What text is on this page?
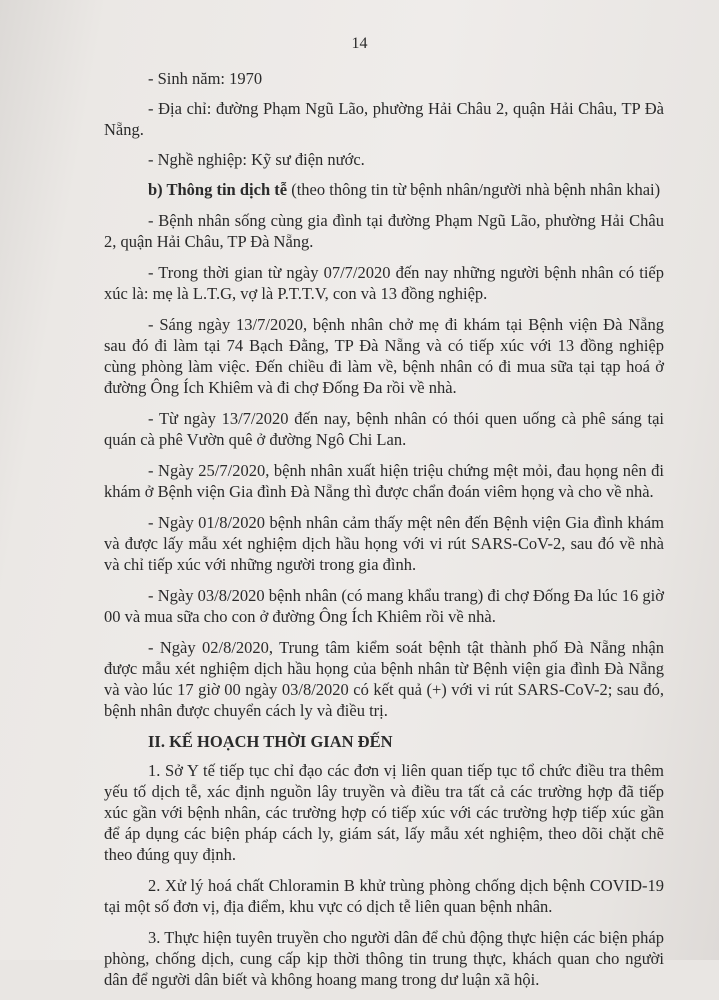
14

- Sinh năm: 1970

- Địa chỉ: đường Phạm Ngũ Lão, phường Hải Châu 2, quận Hải Châu, TP Đà Nẵng.

- Nghề nghiệp: Kỹ sư điện nước.

b) Thông tin dịch tễ (theo thông tin từ bệnh nhân/người nhà bệnh nhân khai)

- Bệnh nhân sống cùng gia đình tại đường Phạm Ngũ Lão, phường Hải Châu 2, quận Hải Châu, TP Đà Nẵng.

- Trong thời gian từ ngày 07/7/2020 đến nay những người bệnh nhân có tiếp xúc là: mẹ là L.T.G, vợ là P.T.T.V, con và 13 đồng nghiệp.

- Sáng ngày 13/7/2020, bệnh nhân chở mẹ đi khám tại Bệnh viện Đà Nẵng sau đó đi làm tại 74 Bạch Đằng, TP Đà Nẵng và có tiếp xúc với 13 đồng nghiệp cùng phòng làm việc. Đến chiều đi làm về, bệnh nhân có đi mua sữa tại tạp hoá ở đường Ông Ích Khiêm và đi chợ Đống Đa rồi về nhà.

- Từ ngày 13/7/2020 đến nay, bệnh nhân có thói quen uống cà phê sáng tại quán cà phê Vườn quê ở đường Ngô Chi Lan.

- Ngày 25/7/2020, bệnh nhân xuất hiện triệu chứng mệt mỏi, đau họng nên đi khám ở Bệnh viện Gia đình Đà Nẵng thì được chẩn đoán viêm họng và cho về nhà.

- Ngày 01/8/2020 bệnh nhân cảm thấy mệt nên đến Bệnh viện Gia đình khám và được lấy mẫu xét nghiệm dịch hầu họng với vi rút SARS-CoV-2, sau đó về nhà và chỉ tiếp xúc với những người trong gia đình.

- Ngày 03/8/2020 bệnh nhân (có mang khẩu trang) đi chợ Đống Đa lúc 16 giờ 00 và mua sữa cho con ở đường Ông Ích Khiêm rồi về nhà.

- Ngày 02/8/2020, Trung tâm kiểm soát bệnh tật thành phố Đà Nẵng nhận được mẫu xét nghiệm dịch hầu họng của bệnh nhân từ Bệnh viện gia đình Đà Nẵng và vào lúc 17 giờ 00 ngày 03/8/2020 có kết quả (+) với vi rút SARS-CoV-2; sau đó, bệnh nhân được chuyển cách ly và điều trị.

II. KẾ HOẠCH THỜI GIAN ĐẾN

1. Sở Y tế tiếp tục chỉ đạo các đơn vị liên quan tiếp tục tổ chức điều tra thêm yếu tố dịch tễ, xác định nguồn lây truyền và điều tra tất cả các trường hợp đã tiếp xúc gần với bệnh nhân, các trường hợp có tiếp xúc với các trường hợp tiếp xúc gần để áp dụng các biện pháp cách ly, giám sát, lấy mẫu xét nghiệm, theo dõi chặt chẽ theo đúng quy định.

2. Xử lý hoá chất Chloramin B khử trùng phòng chống dịch bệnh COVID-19 tại một số đơn vị, địa điểm, khu vực có dịch tễ liên quan bệnh nhân.

3. Thực hiện tuyên truyền cho người dân để chủ động thực hiện các biện pháp phòng, chống dịch, cung cấp kịp thời thông tin trung thực, khách quan cho người dân để người dân biết và không hoang mang trong dư luận xã hội.
